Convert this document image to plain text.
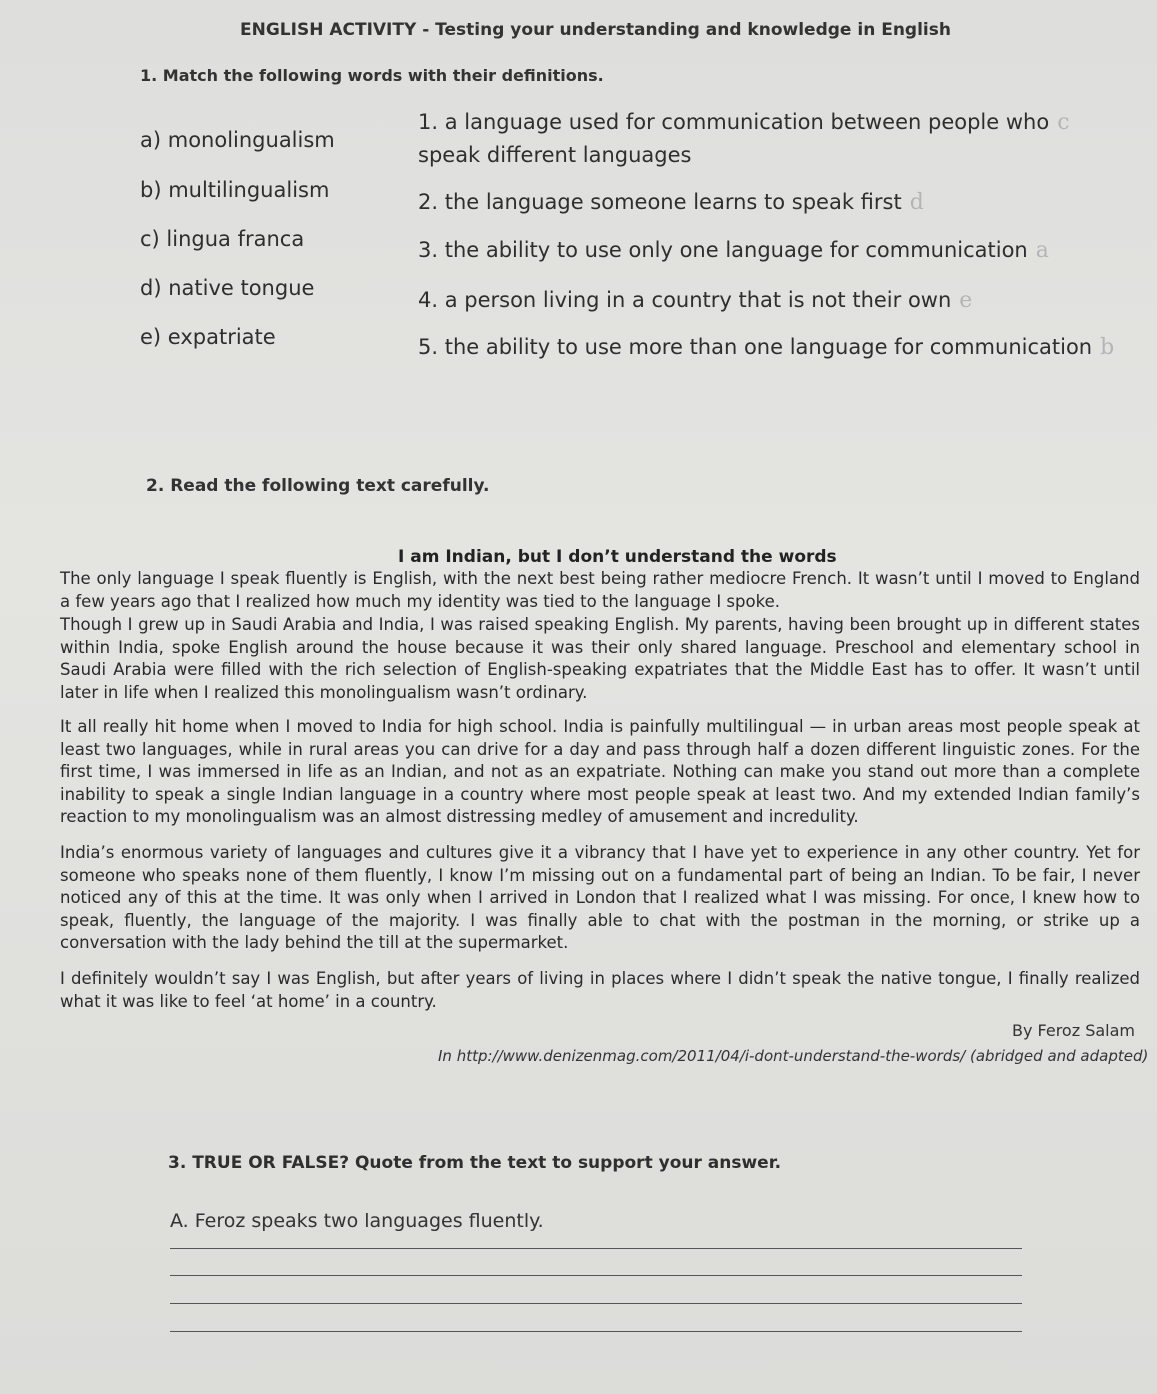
ENGLISH ACTIVITY - Testing your understanding and knowledge in English
1. Match the following words with their definitions.
a) monolingualism
b) multilingualism
c) lingua franca
d) native tongue
e) expatriate
1. a language used for communication between people who c
speak different languages
2. the language someone learns to speak first d
3. the ability to use only one language for communication a
4. a person living in a country that is not their own e
5. the ability to use more than one language for communication b
2. Read the following text carefully.
I am Indian, but I don’t understand the words
The only language I speak fluently is English, with the next best being rather mediocre French. It wasn’t until I moved to England a few years ago that I realized how much my identity was tied to the language I spoke.
Though I grew up in Saudi Arabia and India, I was raised speaking English. My parents, having been brought up in different states within India, spoke English around the house because it was their only shared language. Preschool and elementary school in Saudi Arabia were filled with the rich selection of English-speaking expatriates that the Middle East has to offer. It wasn’t until later in life when I realized this monolingualism wasn’t ordinary.
It all really hit home when I moved to India for high school. India is painfully multilingual — in urban areas most people speak at least two languages, while in rural areas you can drive for a day and pass through half a dozen different linguistic zones. For the first time, I was immersed in life as an Indian, and not as an expatriate. Nothing can make you stand out more than a complete inability to speak a single Indian language in a country where most people speak at least two. And my extended Indian family’s reaction to my monolingualism was an almost distressing medley of amusement and incredulity.
India’s enormous variety of languages and cultures give it a vibrancy that I have yet to experience in any other country. Yet for someone who speaks none of them fluently, I know I’m missing out on a fundamental part of being an Indian. To be fair, I never noticed any of this at the time. It was only when I arrived in London that I realized what I was missing. For once, I knew how to speak, fluently, the language of the majority. I was finally able to chat with the postman in the morning, or strike up a conversation with the lady behind the till at the supermarket.
I definitely wouldn’t say I was English, but after years of living in places where I didn’t speak the native tongue, I finally realized what it was like to feel ‘at home’ in a country.
By Feroz Salam
In http://www.denizenmag.com/2011/04/i-dont-understand-the-words/ (abridged and adapted)
3. TRUE OR FALSE? Quote from the text to support your answer.
A. Feroz speaks two languages fluently.
